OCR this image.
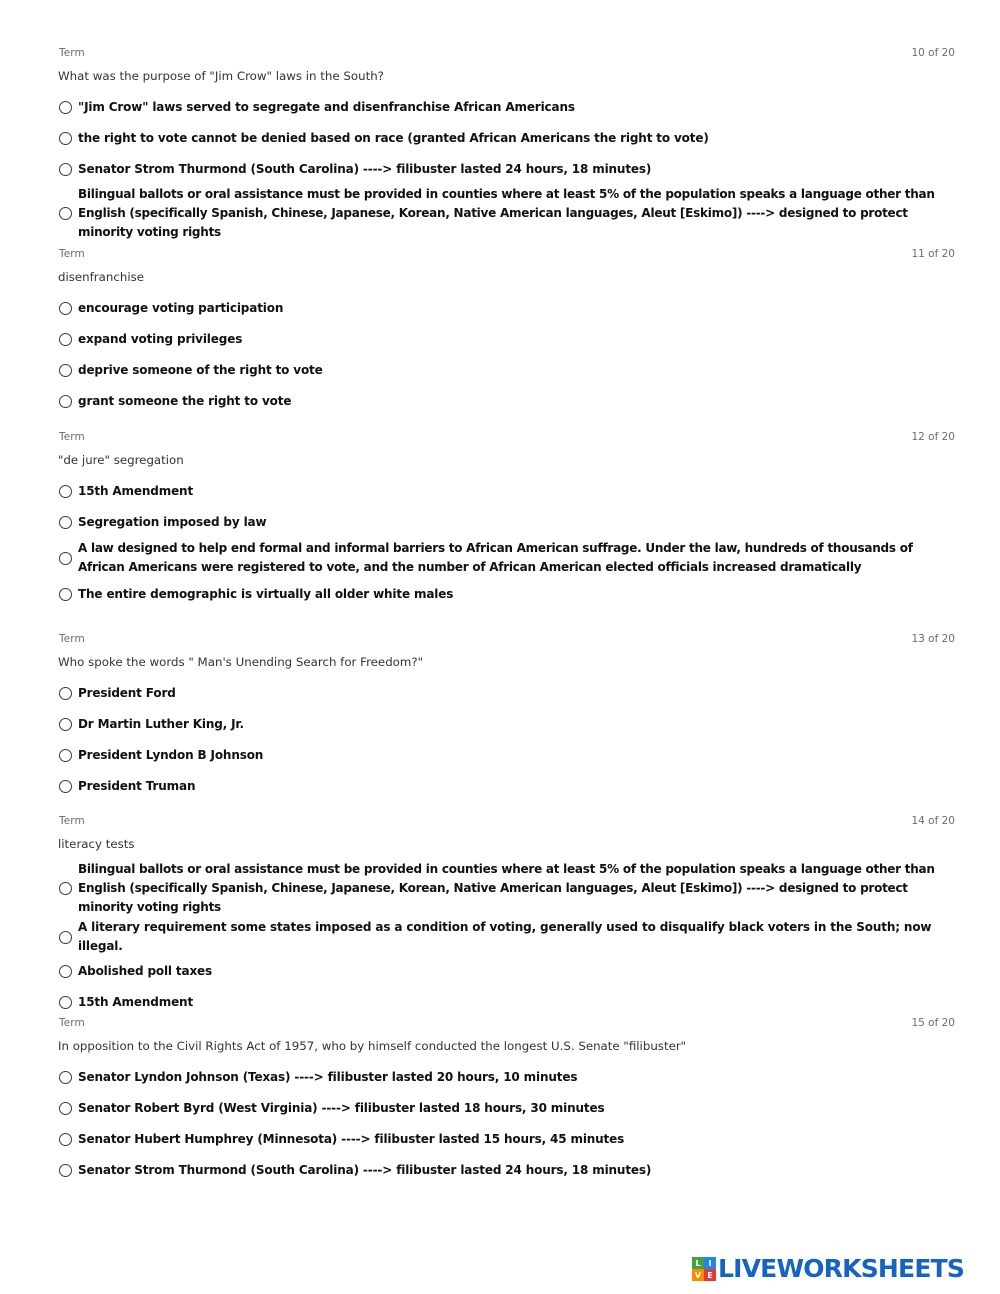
Term	10 of 20
What was the purpose of "Jim Crow" laws in the South?
"Jim Crow" laws served to segregate and disenfranchise African Americans
the right to vote cannot be denied based on race (granted African Americans the right to vote)
Senator Strom Thurmond (South Carolina) ----> filibuster lasted 24 hours, 18 minutes)
Bilingual ballots or oral assistance must be provided in counties where at least 5% of the population speaks a language other than English (specifically Spanish, Chinese, Japanese, Korean, Native American languages, Aleut [Eskimo]) ----> designed to protect minority voting rights
Term	11 of 20
disenfranchise
encourage voting participation
expand voting privileges
deprive someone of the right to vote
grant someone the right to vote
Term	12 of 20
"de jure" segregation
15th Amendment
Segregation imposed by law
A law designed to help end formal and informal barriers to African American suffrage. Under the law, hundreds of thousands of African Americans were registered to vote, and the number of African American elected officials increased dramatically
The entire demographic is virtually all older white males
Term	13 of 20
Who spoke the words " Man's Unending Search for Freedom?"
President Ford
Dr Martin Luther King, Jr.
President Lyndon B Johnson
President Truman
Term	14 of 20
literacy tests
Bilingual ballots or oral assistance must be provided in counties where at least 5% of the population speaks a language other than English (specifically Spanish, Chinese, Japanese, Korean, Native American languages, Aleut [Eskimo]) ----> designed to protect minority voting rights
A literary requirement some states imposed as a condition of voting, generally used to disqualify black voters in the South; now illegal.
Abolished poll taxes
15th Amendment
Term	15 of 20
In opposition to the Civil Rights Act of 1957, who by himself conducted the longest U.S. Senate "filibuster"
Senator Lyndon Johnson (Texas) ----> filibuster lasted 20 hours, 10 minutes
Senator Robert Byrd (West Virginia) ----> filibuster lasted 18 hours, 30 minutes
Senator Hubert Humphrey (Minnesota) ----> filibuster lasted 15 hours, 45 minutes
Senator Strom Thurmond (South Carolina) ----> filibuster lasted 24 hours, 18 minutes)
L I
V E LIVEWORKSHEETS
